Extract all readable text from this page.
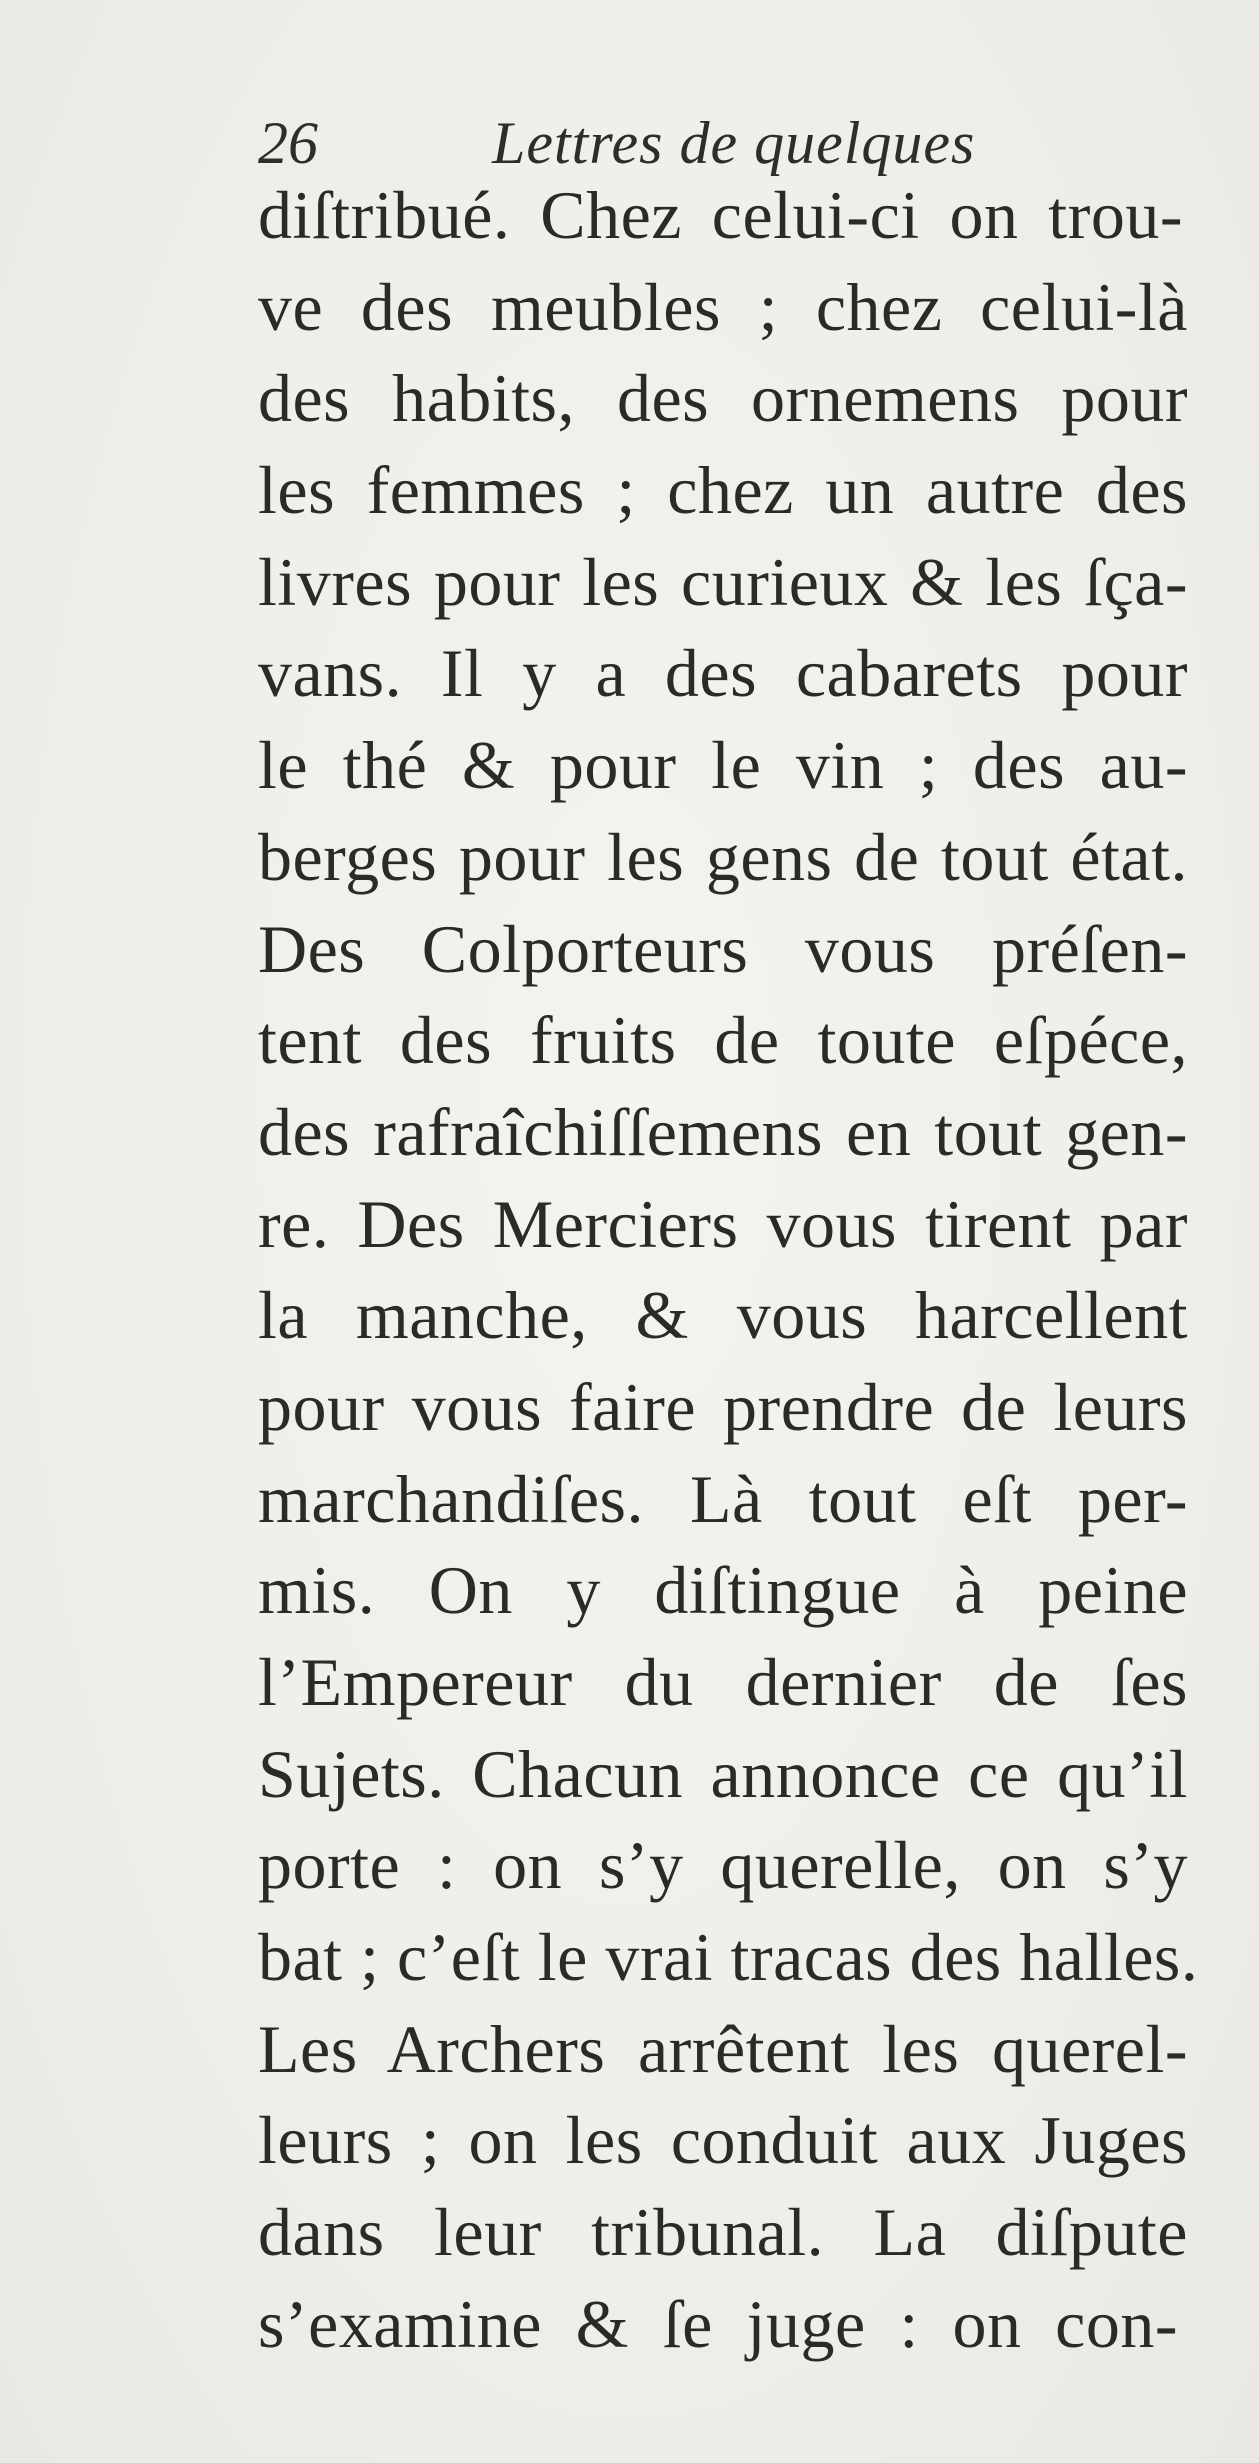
26	Lettres de quelques
diſtribué. Chez celui-ci on trou-
ve des meubles ; chez celui-là
des habits, des ornemens pour
les femmes ; chez un autre des
livres pour les curieux & les ſça-
vans. Il y a des cabarets pour
le thé & pour le vin ; des au-
berges pour les gens de tout état.
Des Colporteurs vous préſen-
tent des fruits de toute eſpéce,
des rafraîchiſſemens en tout gen-
re. Des Merciers vous tirent par
la manche, & vous harcellent
pour vous faire prendre de leurs
marchandiſes. Là tout eſt per-
mis. On y diſtingue à peine
l’Empereur du dernier de ſes
Sujets. Chacun annonce ce qu’il
porte : on s’y querelle, on s’y
bat ; c’eſt le vrai tracas des halles.
Les Archers arrêtent les querel-
leurs ; on les conduit aux Juges
dans leur tribunal. La diſpute
s’examine & ſe juge : on con-
